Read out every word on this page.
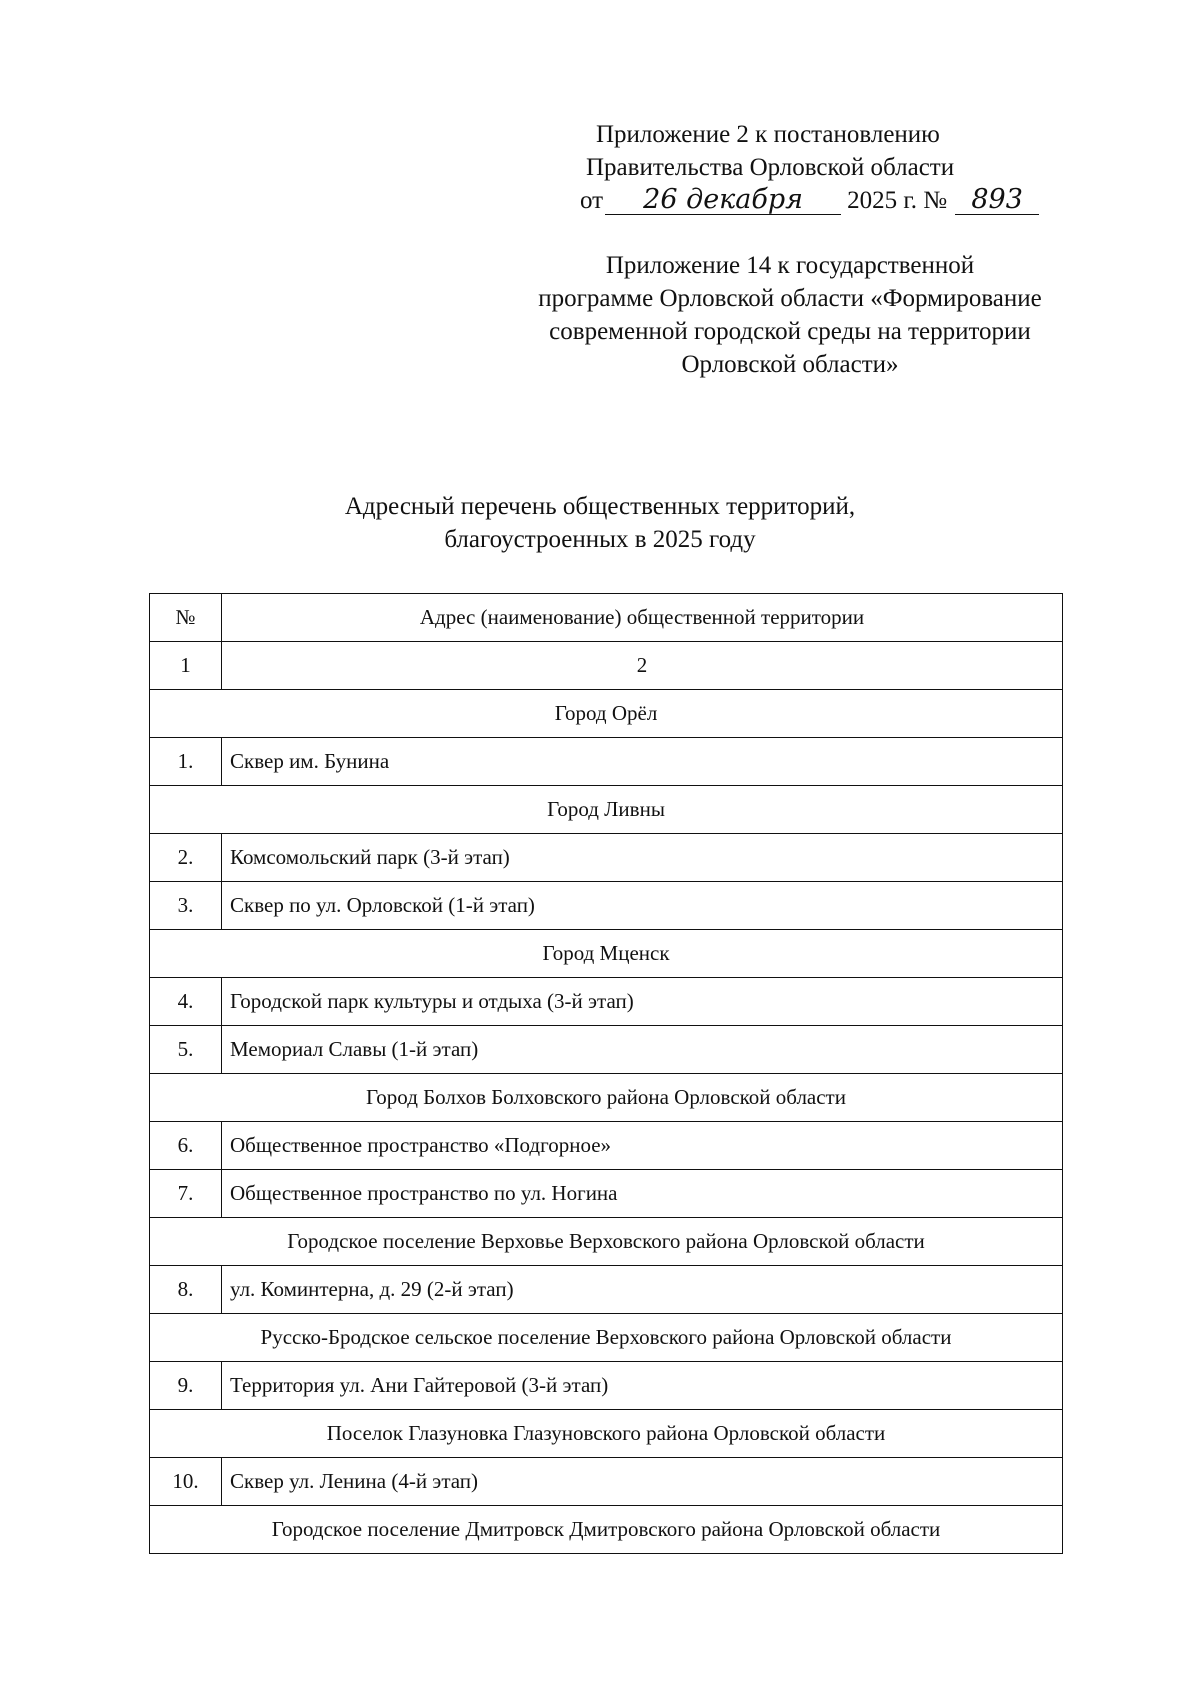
Приложение 2 к постановлению
Правительства Орловской области
от	26 декабря	2025 г. № 893
Приложение 14 к государственной
программе Орловской области «Формирование
современной городской среды на территории
Орловской области»
Адресный перечень общественных территорий,
благоустроенных в 2025 году
№	Адрес (наименование) общественной территории
1	2
Город Орёл	
1.	Сквер им. Бунина
Город Ливны	
2.	Комсомольский парк (3-й этап)
3.	Сквер по ул. Орловской (1-й этап)
Город Мценск	
4.	Городской парк культуры и отдыха (3-й этап)
5.	Мемориал Славы (1-й этап)
Город Болхов Болховского района Орловской области	
6.	Общественное пространство «Подгорное»
7.	Общественное пространство по ул. Ногина
Городское поселение Верховье Верховского района Орловской области	
8.	ул. Коминтерна, д. 29 (2-й этап)
Русско-Бродское сельское поселение Верховского района Орловской области	
9.	Территория ул. Ани Гайтеровой (3-й этап)
Поселок Глазуновка Глазуновского района Орловской области	
10.	Сквер ул. Ленина (4-й этап)
Городское поселение Дмитровск Дмитровского района Орловской области	
